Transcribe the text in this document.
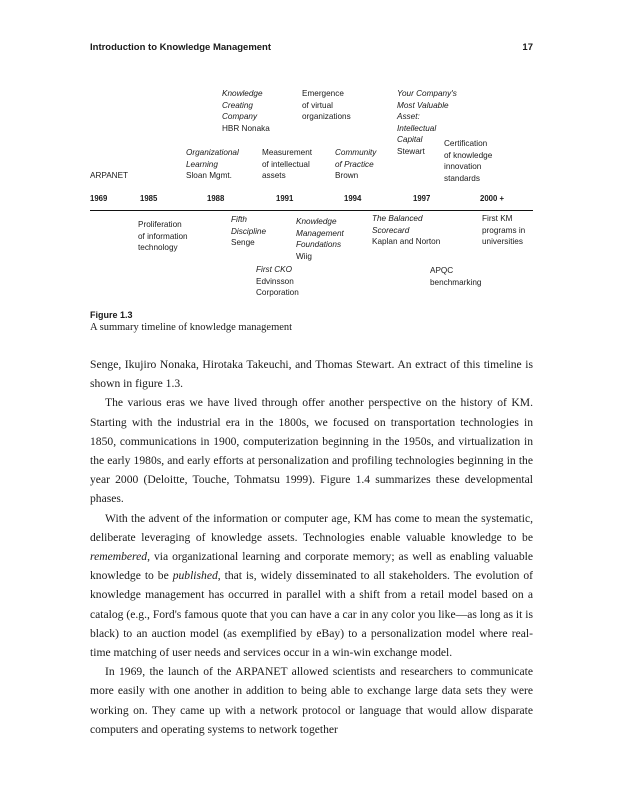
Introduction to Knowledge Management	17
Knowledge
Creating
Company
HBR Nonaka
Emergence
of virtual
organizations
Your Company's
Most Valuable
Asset:
Intellectual
Capital
Stewart
Certification
of knowledge
innovation
standards
Organizational
Learning
Sloan Mgmt.
Measurement
of intellectual
assets
Community
of Practice
Brown
ARPANET
1969	1985	1988	1991	1994	1997	2000 +
Proliferation
of information
technology
Fifth
Discipline
Senge
Knowledge
Management
Foundations
Wiig
The Balanced
Scorecard
Kaplan and Norton
First KM
programs in
universities
First CKO
Edvinsson
Corporation
APQC
benchmarking
Figure 1.3
A summary timeline of knowledge management

Senge, Ikujiro Nonaka, Hirotaka Takeuchi, and Thomas Stewart. An extract of this timeline is shown in figure 1.3.

The various eras we have lived through offer another perspective on the history of KM. Starting with the industrial era in the 1800s, we focused on transportation technologies in 1850, communications in 1900, computerization beginning in the 1950s, and virtualization in the early 1980s, and early efforts at personalization and profiling technologies beginning in the year 2000 (Deloitte, Touche, Tohmatsu 1999). Figure 1.4 summarizes these developmental phases.

With the advent of the information or computer age, KM has come to mean the systematic, deliberate leveraging of knowledge assets. Technologies enable valuable knowledge to be remembered, via organizational learning and corporate memory; as well as enabling valuable knowledge to be published, that is, widely disseminated to all stakeholders. The evolution of knowledge management has occurred in parallel with a shift from a retail model based on a catalog (e.g., Ford's famous quote that you can have a car in any color you like—as long as it is black) to an auction model (as exemplified by eBay) to a personalization model where real-time matching of user needs and services occur in a win-win exchange model.

In 1969, the launch of the ARPANET allowed scientists and researchers to communicate more easily with one another in addition to being able to exchange large data sets they were working on. They came up with a network protocol or language that would allow disparate computers and operating systems to network together
